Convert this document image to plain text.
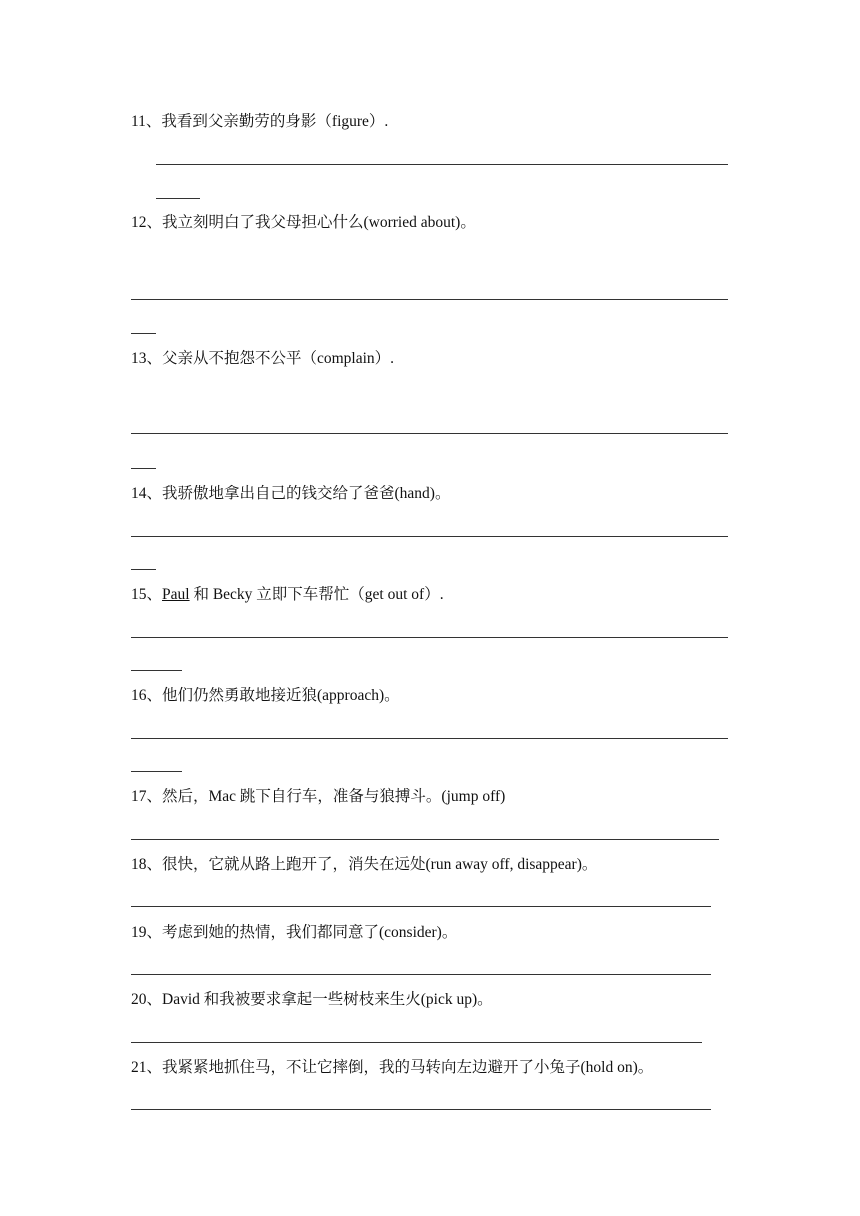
11、我看到父亲勤劳的身影（figure）.
12、我立刻明白了我父母担心什么(worried about)。
13、父亲从不抱怨不公平（complain）.
14、我骄傲地拿出自己的钱交给了爸爸(hand)。
15、Paul 和 Becky 立即下车帮忙（get out of）.
16、他们仍然勇敢地接近狼(approach)。
17、然后，Mac 跳下自行车，准备与狼搏斗。(jump off)
18、很快，它就从路上跑开了，消失在远处(run away off, disappear)。
19、考虑到她的热情，我们都同意了(consider)。
20、David 和我被要求拿起一些树枝来生火(pick up)。
21、我紧紧地抓住马，不让它摔倒，我的马转向左边避开了小兔子(hold on)。
